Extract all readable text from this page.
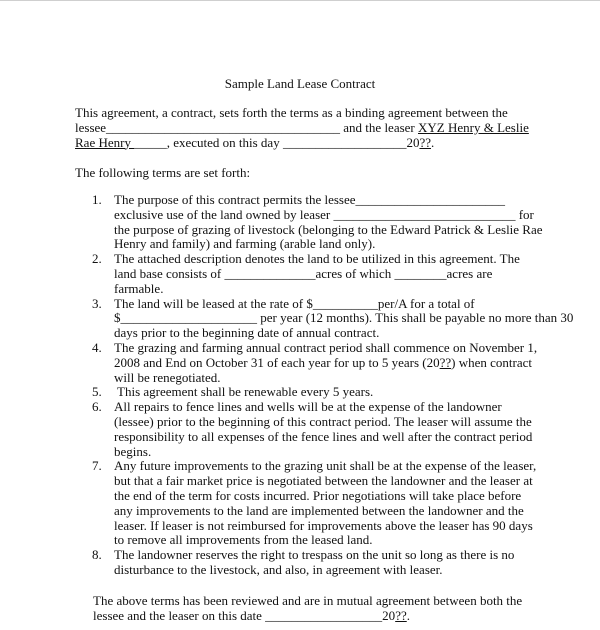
Sample Land Lease Contract
This agreement, a contract, sets forth the terms as a binding agreement between the
lessee____________________________________ and the leaser XYZ Henry & Leslie
Rae Henry _____, executed on this day ___________________20??.
The following terms are set forth:
1. The purpose of this contract permits the lessee_______________________
exclusive use of the land owned by leaser ____________________________ for
the purpose of grazing of livestock (belonging to the Edward Patrick & Leslie Rae
Henry and family) and farming (arable land only).
2. The attached description denotes the land to be utilized in this agreement. The
land base consists of ______________acres of which ________acres are
farmable.
3. The land will be leased at the rate of $__________per/A for a total of
$_____________________ per year (12 months). This shall be payable no more than 30
days prior to the beginning date of annual contract.
4. The grazing and farming annual contract period shall commence on November 1,
2008 and End on October 31 of each year for up to 5 years (20??) when contract
will be renegotiated.
5. This agreement shall be renewable every 5 years.
6. All repairs to fence lines and wells will be at the expense of the landowner
(lessee) prior to the beginning of this contract period. The leaser will assume the
responsibility to all expenses of the fence lines and well after the contract period
begins.
7. Any future improvements to the grazing unit shall be at the expense of the leaser,
but that a fair market price is negotiated between the landowner and the leaser at
the end of the term for costs incurred. Prior negotiations will take place before
any improvements to the land are implemented between the landowner and the
leaser. If leaser is not reimbursed for improvements above the leaser has 90 days
to remove all improvements from the leased land.
8. The landowner reserves the right to trespass on the unit so long as there is no
disturbance to the livestock, and also, in agreement with leaser.
The above terms has been reviewed and are in mutual agreement between both the
lessee and the leaser on this date __________________20??.
